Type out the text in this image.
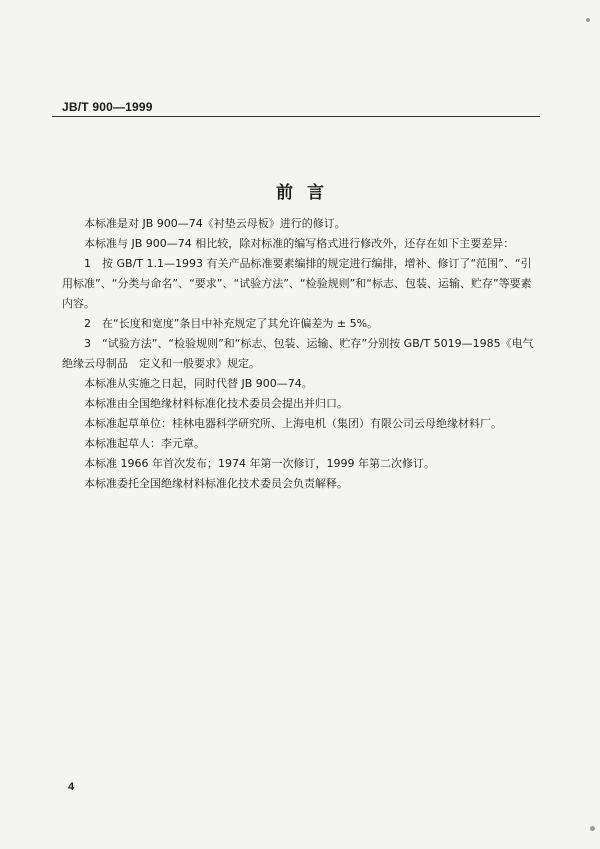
JB/T 900—1999
前言

本标准是对 JB 900—74《衬垫云母板》进行的修订。

本标准与 JB 900—74 相比较，除对标准的编写格式进行修改外，还存在如下主要差异：

1　按 GB/T 1.1—1993 有关产品标准要素编排的规定进行编排，增补、修订了“范围”、“引用标准”、“分类与命名”、“要求”、“试验方法”、“检验规则”和“标志、包装、运输、贮存”等要素内容。

2　在“长度和宽度”条目中补充规定了其允许偏差为 ± 5%。

3　“试验方法”、“检验规则”和“标志、包装、运输、贮存”分别按 GB/T 5019—1985《电气绝缘云母制品　定义和一般要求》规定。

本标准从实施之日起，同时代替 JB 900—74。

本标准由全国绝缘材料标准化技术委员会提出并归口。

本标准起草单位：桂林电器科学研究所、上海电机（集团）有限公司云母绝缘材料厂。

本标准起草人：李元章。

本标准 1966 年首次发布；1974 年第一次修订，1999 年第二次修订。

本标准委托全国绝缘材料标准化技术委员会负责解释。

4
